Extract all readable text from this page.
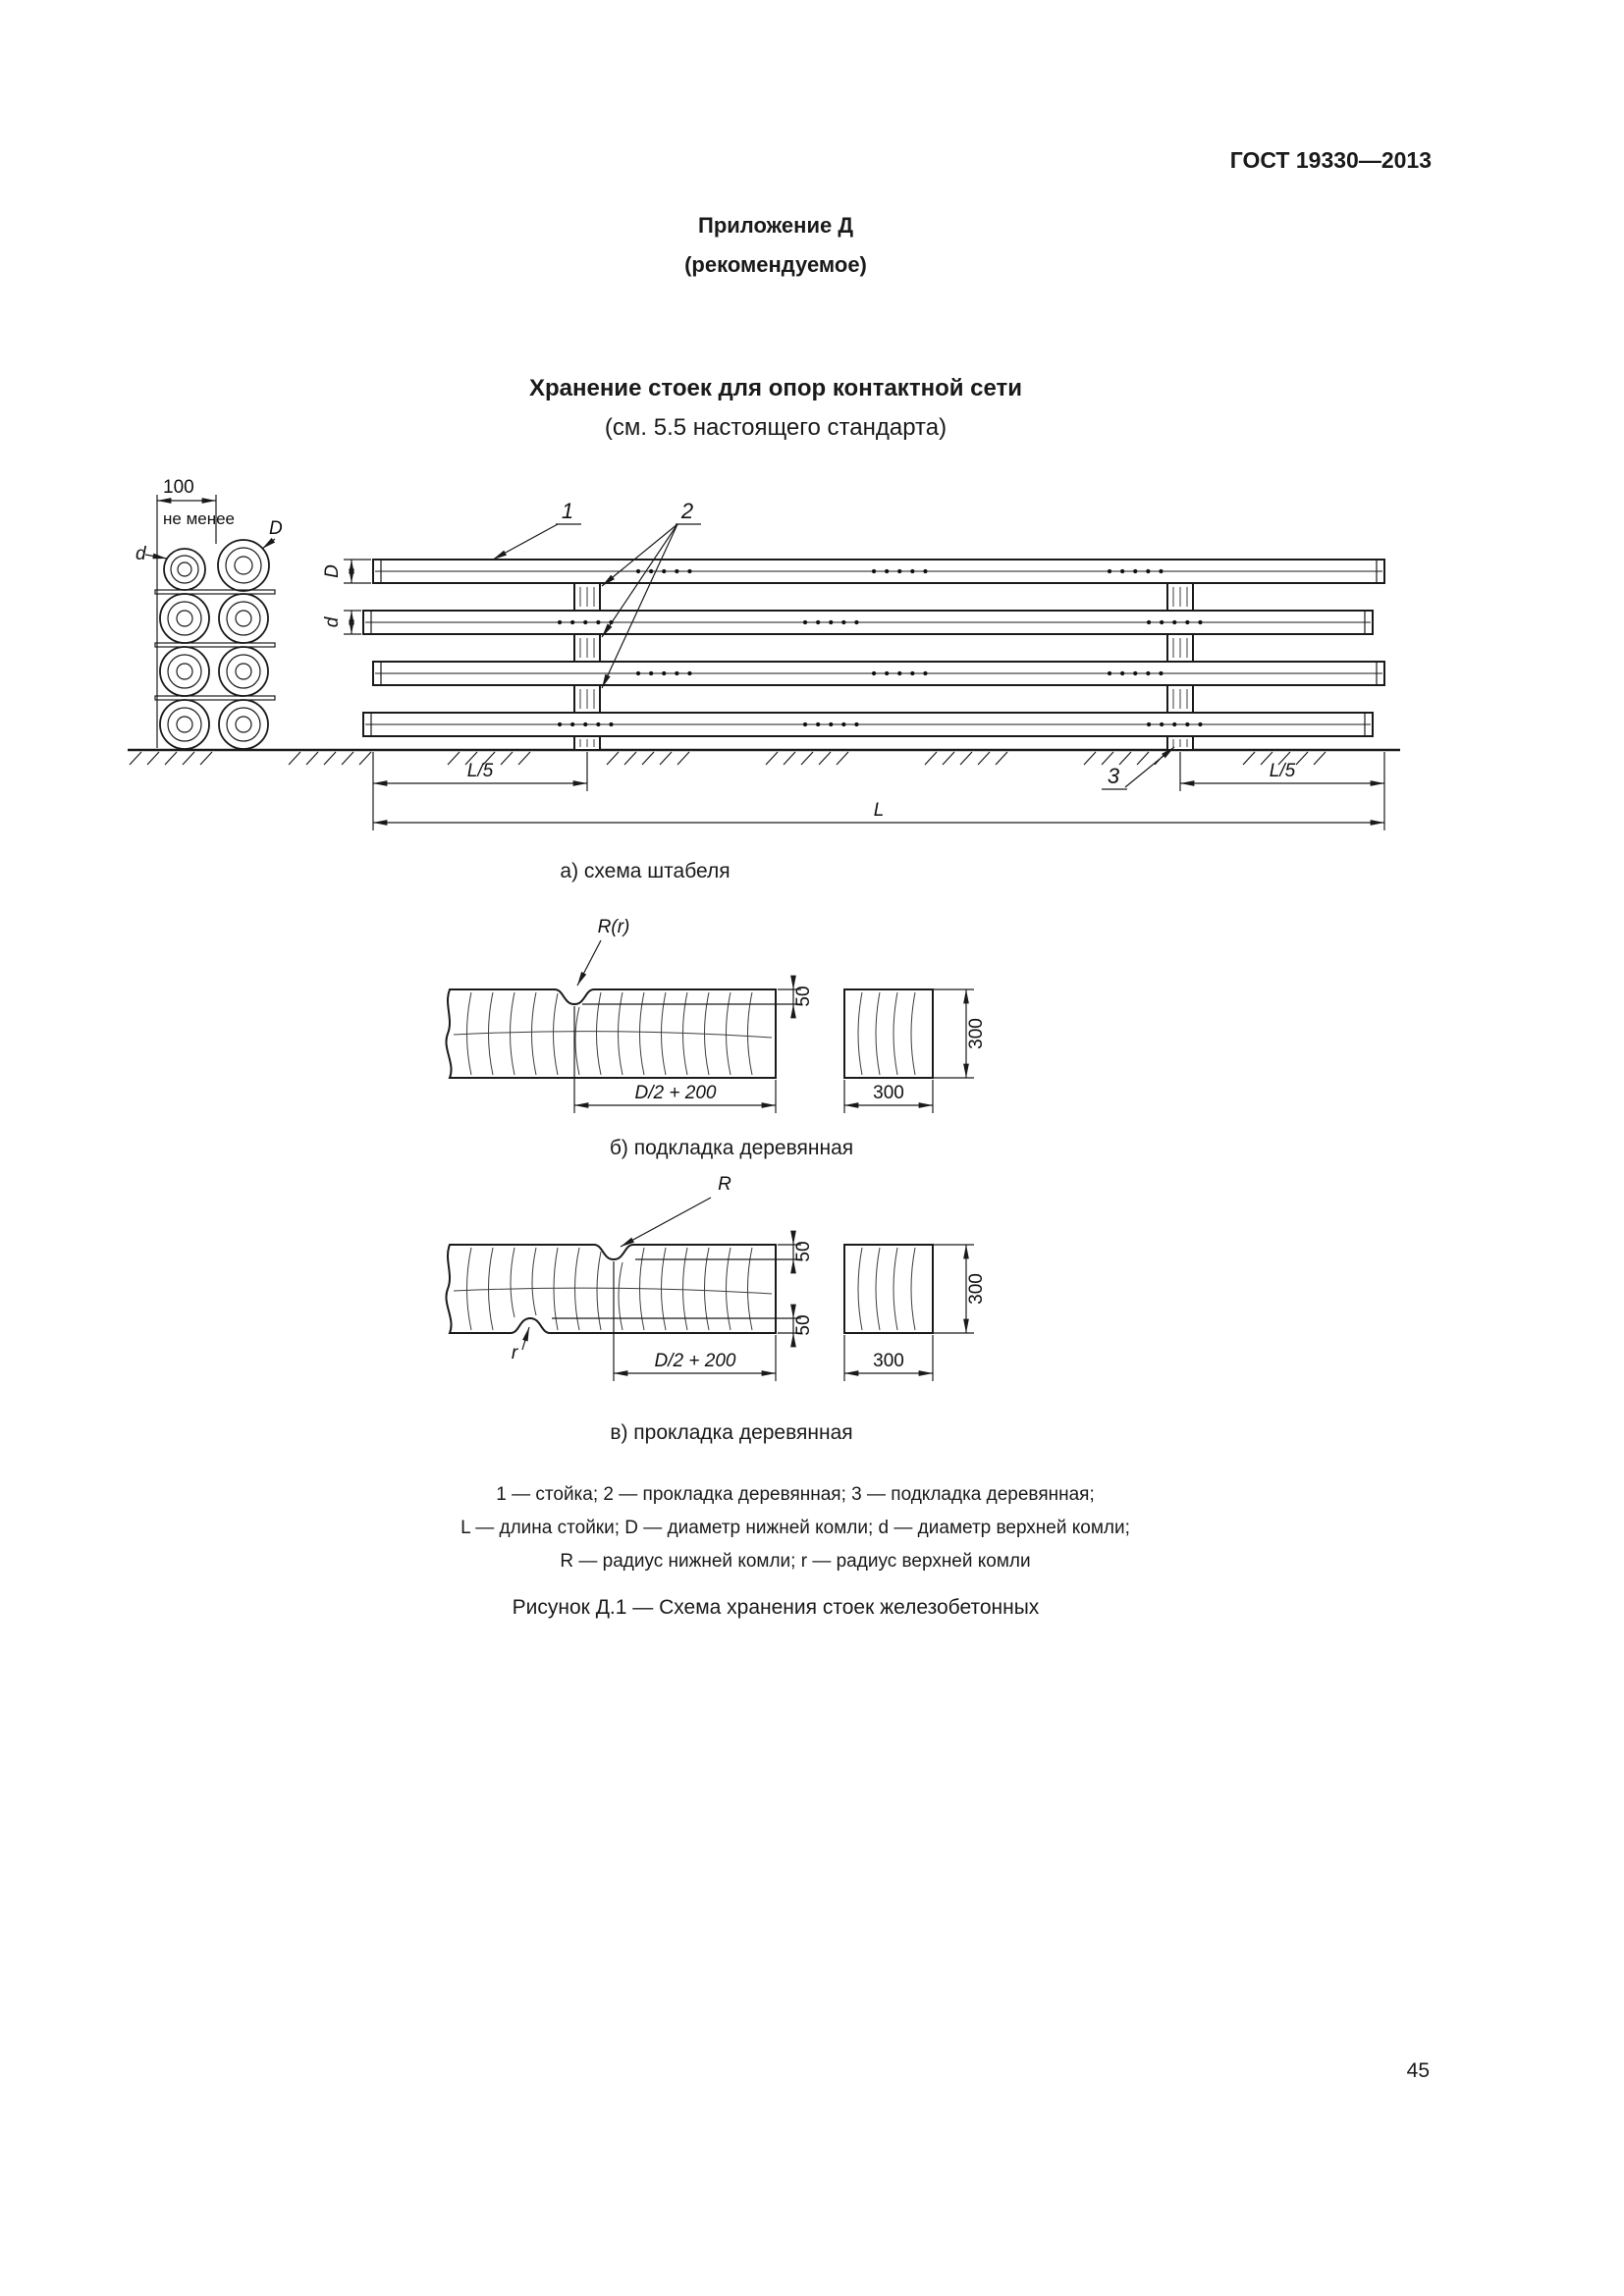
ГОСТ 19330—2013
Приложение Д
(рекомендуемое)
Хранение стоек для опор контактной сети
(см. 5.5 настоящего стандарта)
100
не менее
d
D
1	2
3
D
d
L/5	L/5
L
а) схема штабеля
R(r)
50
D/2 + 200
300
300
б) подкладка деревянная
R
r
50
50
D/2 + 200
300
300
в) прокладка деревянная
1 — стойка; 2 — прокладка деревянная; 3 — подкладка деревянная;
L — длина стойки; D — диаметр нижней комли; d — диаметр верхней комли;
R — радиус нижней комли; r — радиус верхней комли
Рисунок Д.1 — Схема хранения стоек железобетонных
45
